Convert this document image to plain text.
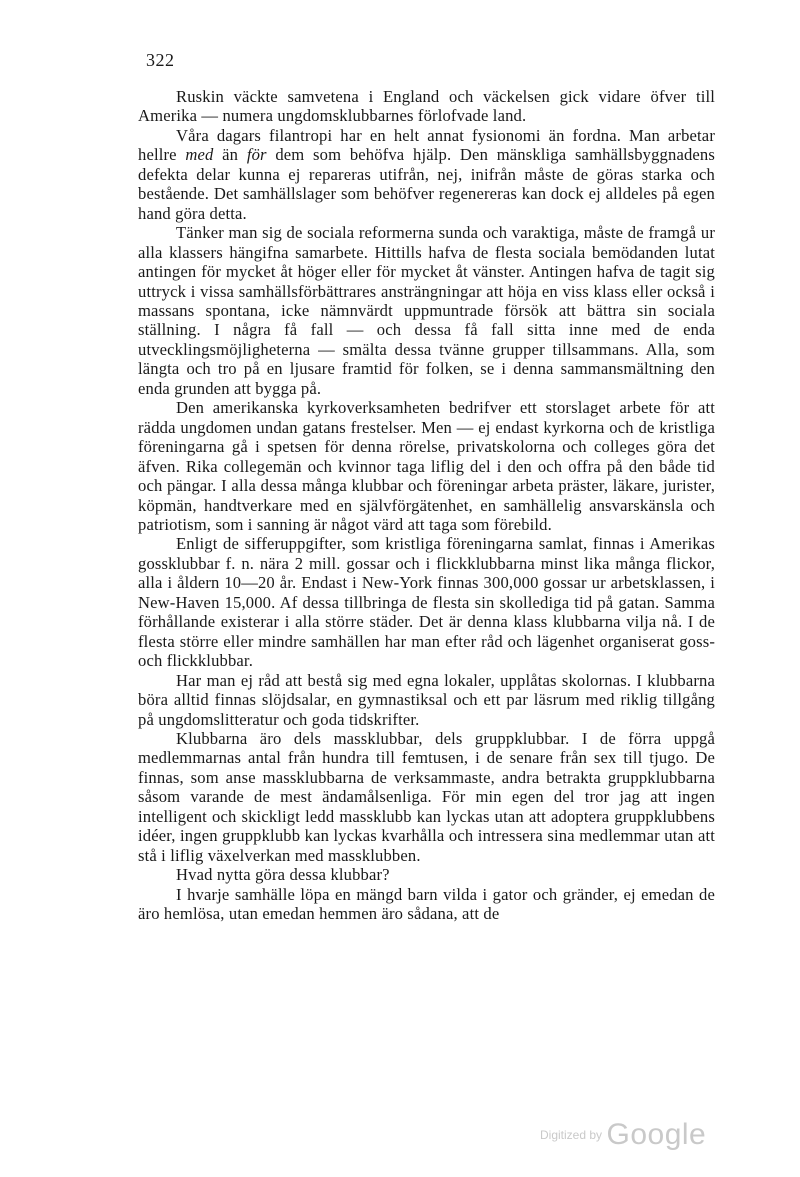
322

Ruskin väckte samvetena i England och väckelsen gick vidare öfver till Amerika — numera ungdomsklubbarnes förlofvade land.

Våra dagars filantropi har en helt annat fysionomi än fordna. Man arbetar hellre med än för dem som behöfva hjälp. Den mänskliga samhällsbyggnadens defekta delar kunna ej repareras utifrån, nej, inifrån måste de göras starka och bestående. Det samhällslager som behöfver regenereras kan dock ej alldeles på egen hand göra detta.

Tänker man sig de sociala reformerna sunda och varaktiga, måste de framgå ur alla klassers hängifna samarbete. Hittills hafva de flesta sociala bemödanden lutat antingen för mycket åt höger eller för mycket åt vänster. Antingen hafva de tagit sig uttryck i vissa samhällsförbättrares ansträngningar att höja en viss klass eller också i massans spontana, icke nämnvärdt uppmuntrade försök att bättra sin sociala ställning. I några få fall — och dessa få fall sitta inne med de enda utvecklingsmöjligheterna — smälta dessa tvänne grupper tillsammans. Alla, som längta och tro på en ljusare framtid för folken, se i denna sammansmältning den enda grunden att bygga på.

Den amerikanska kyrkoverksamheten bedrifver ett storslaget arbete för att rädda ungdomen undan gatans frestelser. Men — ej endast kyrkorna och de kristliga föreningarna gå i spetsen för denna rörelse, privatskolorna och colleges göra det äfven. Rika collegemän och kvinnor taga liflig del i den och offra på den både tid och pängar. I alla dessa många klubbar och föreningar arbeta präster, läkare, jurister, köpmän, handtverkare med en självförgätenhet, en samhällelig ansvarskänsla och patriotism, som i sanning är något värd att taga som förebild.

Enligt de sifferuppgifter, som kristliga föreningarna samlat, finnas i Amerikas gossklubbar f. n. nära 2 mill. gossar och i flickklubbarna minst lika många flickor, alla i åldern 10—20 år. Endast i New-York finnas 300,000 gossar ur arbetsklassen, i New-Haven 15,000. Af dessa tillbringa de flesta sin skollediga tid på gatan. Samma förhållande existerar i alla större städer. Det är denna klass klubbarna vilja nå. I de flesta större eller mindre samhällen har man efter råd och lägenhet organiserat goss- och flickklubbar.

Har man ej råd att bestå sig med egna lokaler, upplåtas skolornas. I klubbarna böra alltid finnas slöjdsalar, en gymnastiksal och ett par läsrum med riklig tillgång på ungdomslitteratur och goda tidskrifter.

Klubbarna äro dels massklubbar, dels gruppklubbar. I de förra uppgå medlemmarnas antal från hundra till femtusen, i de senare från sex till tjugo. De finnas, som anse massklubbarna de verksammaste, andra betrakta gruppklubbarna såsom varande de mest ändamålsenliga. För min egen del tror jag att ingen intelligent och skickligt ledd massklubb kan lyckas utan att adoptera gruppklubbens idéer, ingen gruppklubb kan lyckas kvarhålla och intressera sina medlemmar utan att stå i liflig växelverkan med massklubben.

Hvad nytta göra dessa klubbar?

I hvarje samhälle löpa en mängd barn vilda i gator och gränder, ej emedan de äro hemlösa, utan emedan hemmen äro sådana, att de

Digitized by Google
